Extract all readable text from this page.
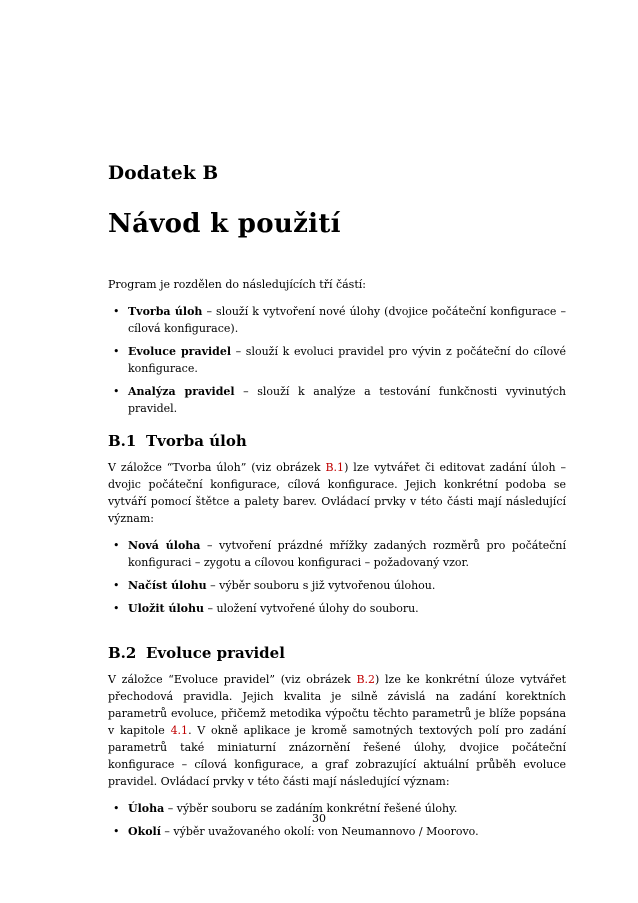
Dodatek B
Návod k použití

Program je rozdělen do následujících tří částí:

• Tvorba úloh – slouží k vytvoření nové úlohy (dvojice počáteční konfigurace – cílová konfigurace).
• Evoluce pravidel – slouží k evoluci pravidel pro vývin z počáteční do cílové konfigurace.
• Analýza pravidel – slouží k analýze a testování funkčnosti vyvinutých pravidel.
B.1 Tvorba úloh

V záložce “Tvorba úloh” (viz obrázek B.1) lze vytvářet či editovat zadání úloh – dvojic počáteční konfigurace, cílová konfigurace. Jejich konkrétní podoba se vytváří pomocí štětce a palety barev. Ovládací prvky v této části mají následující význam:

• Nová úloha – vytvoření prázdné mřížky zadaných rozměrů pro počáteční konfiguraci – zygotu a cílovou konfiguraci – požadovaný vzor.
• Načíst úlohu – výběr souboru s již vytvořenou úlohou.
• Uložit úlohu – uložení vytvořené úlohy do souboru.
B.2 Evoluce pravidel

V záložce “Evoluce pravidel” (viz obrázek B.2) lze ke konkrétní úloze vytvářet přechodová pravidla. Jejich kvalita je silně závislá na zadání korektních parametrů evoluce, přičemž metodika výpočtu těchto parametrů je blíže popsána v kapitole 4.1. V okně aplikace je kromě samotných textových polí pro zadání parametrů také miniaturní znázornění řešené úlohy, dvojice počáteční konfigurace – cílová konfigurace, a graf zobrazující aktuální průběh evoluce pravidel. Ovládací prvky v této části mají následující význam:

• Úloha – výběr souboru se zadáním konkrétní řešené úlohy.
• Okolí – výběr uvažovaného okolí: von Neumannovo / Moorovo.
30
